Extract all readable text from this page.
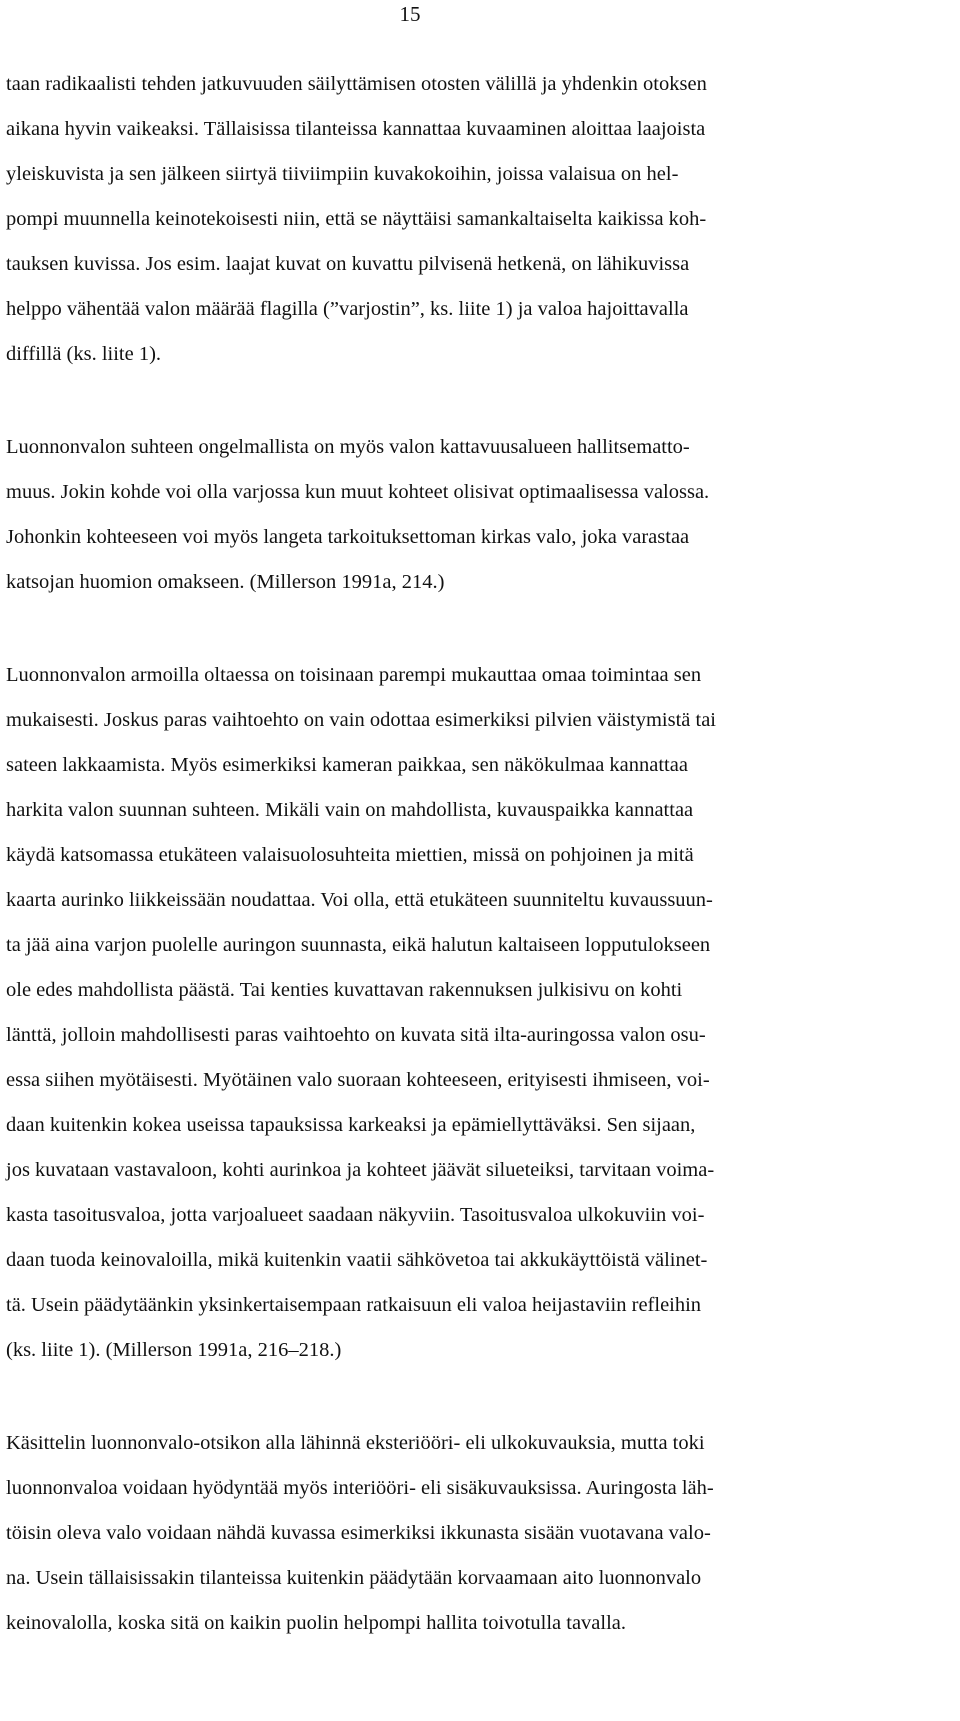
15
taan radikaalisti tehden jatkuvuuden säilyttämisen otosten välillä ja yhdenkin otoksen
aikana hyvin vaikeaksi. Tällaisissa tilanteissa kannattaa kuvaaminen aloittaa laajoista
yleiskuvista ja sen jälkeen siirtyä tiiviimpiin kuvakokoihin, joissa valaisua on hel-
pompi muunnella keinotekoisesti niin, että se näyttäisi samankaltaiselta kaikissa koh-
tauksen kuvissa. Jos esim. laajat kuvat on kuvattu pilvisenä hetkenä, on lähikuvissa
helppo vähentää valon määrää flagilla (”varjostin”, ks. liite 1) ja valoa hajoittavalla
diffillä (ks. liite 1).
Luonnonvalon suhteen ongelmallista on myös valon kattavuusalueen hallitsematto-
muus. Jokin kohde voi olla varjossa kun muut kohteet olisivat optimaalisessa valossa.
Johonkin kohteeseen voi myös langeta tarkoituksettoman kirkas valo, joka varastaa
katsojan huomion omakseen. (Millerson 1991a, 214.)
Luonnonvalon armoilla oltaessa on toisinaan parempi mukauttaa omaa toimintaa sen
mukaisesti. Joskus paras vaihtoehto on vain odottaa esimerkiksi pilvien väistymistä tai
sateen lakkaamista. Myös esimerkiksi kameran paikkaa, sen näkökulmaa kannattaa
harkita valon suunnan suhteen. Mikäli vain on mahdollista, kuvauspaikka kannattaa
käydä katsomassa etukäteen valaisuolosuhteita miettien, missä on pohjoinen ja mitä
kaarta aurinko liikkeissään noudattaa. Voi olla, että etukäteen suunniteltu kuvaussuun-
ta jää aina varjon puolelle auringon suunnasta, eikä halutun kaltaiseen lopputulokseen
ole edes mahdollista päästä. Tai kenties kuvattavan rakennuksen julkisivu on kohti
länttä, jolloin mahdollisesti paras vaihtoehto on kuvata sitä ilta-auringossa valon osu-
essa siihen myötäisesti. Myötäinen valo suoraan kohteeseen, erityisesti ihmiseen, voi-
daan kuitenkin kokea useissa tapauksissa karkeaksi ja epämiellyttäväksi. Sen sijaan,
jos kuvataan vastavaloon, kohti aurinkoa ja kohteet jäävät silueteiksi, tarvitaan voima-
kasta tasoitusvaloa, jotta varjoalueet saadaan näkyviin. Tasoitusvaloa ulkokuviin voi-
daan tuoda keinovaloilla, mikä kuitenkin vaatii sähkövetoa tai akkukäyttöistä välinet-
tä. Usein päädytäänkin yksinkertaisempaan ratkaisuun eli valoa heijastaviin refleihin
(ks. liite 1). (Millerson 1991a, 216–218.)
Käsittelin luonnonvalo-otsikon alla lähinnä eksteriööri- eli ulkokuvauksia, mutta toki
luonnonvaloa voidaan hyödyntää myös interiööri- eli sisäkuvauksissa. Auringosta läh-
töisin oleva valo voidaan nähdä kuvassa esimerkiksi ikkunasta sisään vuotavana valo-
na. Usein tällaisissakin tilanteissa kuitenkin päädytään korvaamaan aito luonnonvalo
keinovalolla, koska sitä on kaikin puolin helpompi hallita toivotulla tavalla.
